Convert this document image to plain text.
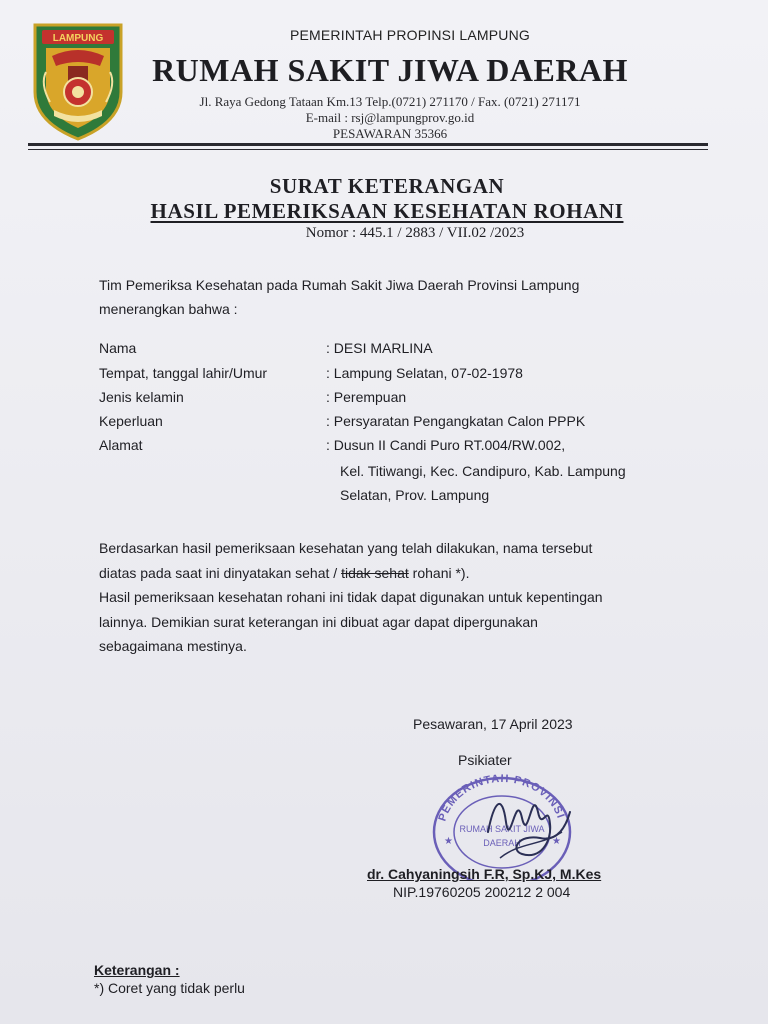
LAMPUNG	PEMERINTAH PROPINSI LAMPUNG
RUMAH SAKIT JIWA DAERAH
Jl. Raya Gedong Tataan Km.13 Telp.(0721) 271170 / Fax. (0721) 271171
E-mail : rsj@lampungprov.go.id
PESAWARAN 35366
SURAT KETERANGAN
HASIL PEMERIKSAAN KESEHATAN ROHANI
Nomor : 445.1 / 2883 / VII.02 /2023
Tim Pemeriksa Kesehatan pada Rumah Sakit Jiwa Daerah Provinsi Lampung
menerangkan bahwa :
Nama	: DESI MARLINA
Tempat, tanggal lahir/Umur	: Lampung Selatan, 07-02-1978
Jenis kelamin	: Perempuan
Keperluan	: Persyaratan Pengangkatan Calon PPPK
Alamat	: Dusun II Candi Puro RT.004/RW.002,
Kel. Titiwangi, Kec. Candipuro, Kab. Lampung
Selatan, Prov. Lampung
Berdasarkan hasil pemeriksaan kesehatan yang telah dilakukan, nama tersebut
diatas pada saat ini dinyatakan sehat / tidak sehat rohani *).
Hasil pemeriksaan kesehatan rohani ini tidak dapat digunakan untuk kepentingan
lainnya. Demikian surat keterangan ini dibuat agar dapat dipergunakan
sebagaimana mestinya.
Pesawaran, 17 April 2023
Psikiater
PEMERINTAH PROVINSI
RUMAH SAKIT JIWA
DAERAH
★	★
dr. Cahyaningsih F.R, Sp.KJ, M.Kes
NIP.19760205 200212 2 004
Keterangan :
*) Coret yang tidak perlu
